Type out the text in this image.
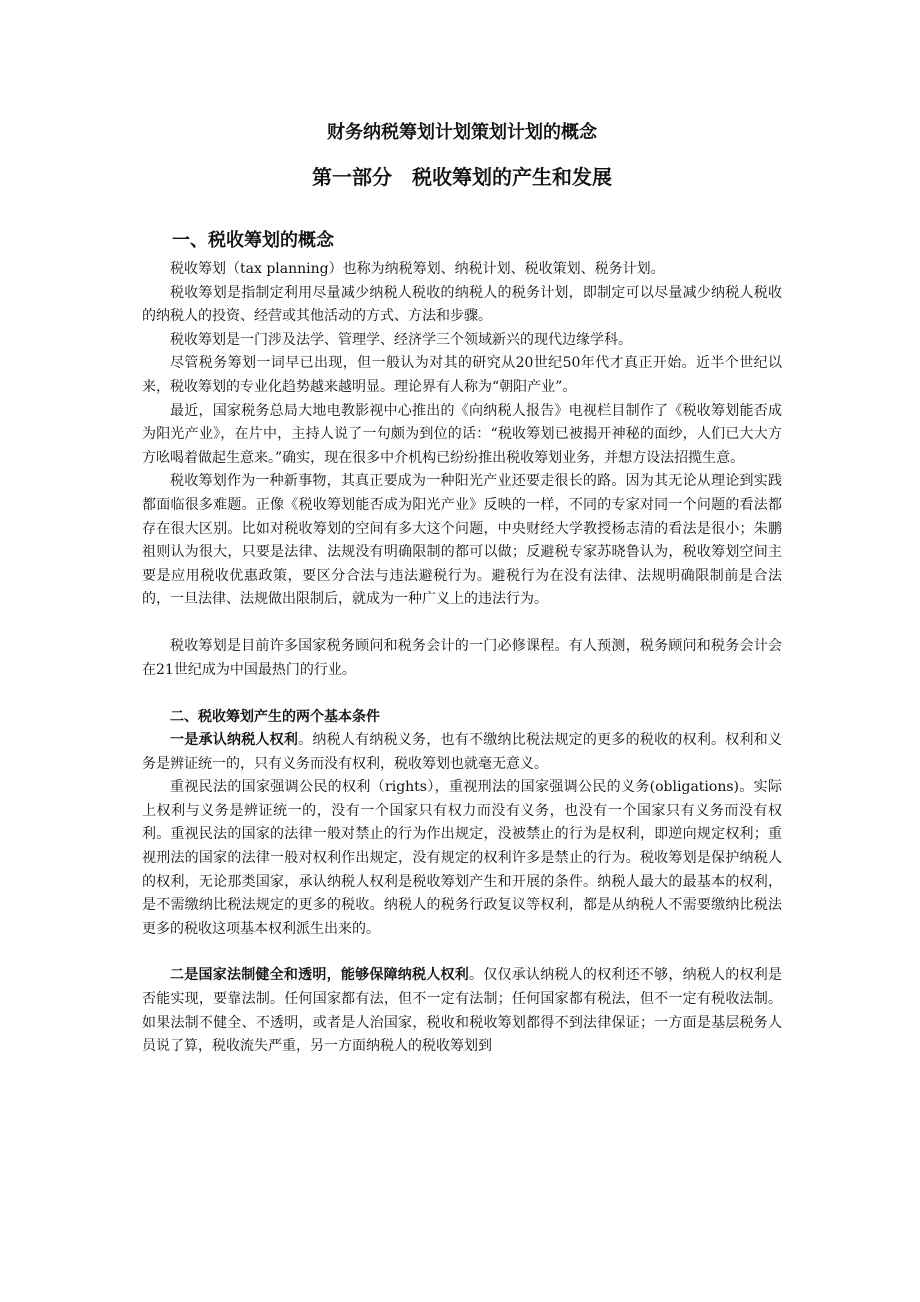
财务纳税筹划计划策划计划的概念
第一部分　税收筹划的产生和发展
一、税收筹划的概念

税收筹划（tax planning）也称为纳税筹划、纳税计划、税收策划、税务计划。

税收筹划是指制定利用尽量减少纳税人税收的纳税人的税务计划，即制定可以尽量减少纳税人税收的纳税人的投资、经营或其他活动的方式、方法和步骤。

税收筹划是一门涉及法学、管理学、经济学三个领域新兴的现代边缘学科。

尽管税务筹划一词早已出现，但一般认为对其的研究从20世纪50年代才真正开始。近半个世纪以来，税收筹划的专业化趋势越来越明显。理论界有人称为“朝阳产业”。

最近，国家税务总局大地电教影视中心推出的《向纳税人报告》电视栏目制作了《税收筹划能否成为阳光产业》，在片中，主持人说了一句颇为到位的话：“税收筹划已被揭开神秘的面纱，人们已大大方方吆喝着做起生意来。”确实，现在很多中介机构已纷纷推出税收筹划业务，并想方设法招揽生意。

税收筹划作为一种新事物，其真正要成为一种阳光产业还要走很长的路。因为其无论从理论到实践都面临很多难题。正像《税收筹划能否成为阳光产业》反映的一样，不同的专家对同一个问题的看法都存在很大区别。比如对税收筹划的空间有多大这个问题，中央财经大学教授杨志清的看法是很小；朱鹏祖则认为很大，只要是法律、法规没有明确限制的都可以做；反避税专家苏晓鲁认为，税收筹划空间主要是应用税收优惠政策，要区分合法与违法避税行为。避税行为在没有法律、法规明确限制前是合法的，一旦法律、法规做出限制后，就成为一种广义上的违法行为。

税收筹划是目前许多国家税务顾问和税务会计的一门必修课程。有人预测，税务顾问和税务会计会在21世纪成为中国最热门的行业。

二、税收筹划产生的两个基本条件

一是承认纳税人权利。纳税人有纳税义务，也有不缴纳比税法规定的更多的税收的权利。权利和义务是辨证统一的，只有义务而没有权利，税收筹划也就毫无意义。

重视民法的国家强调公民的权利（rights），重视刑法的国家强调公民的义务(obligations)。实际上权利与义务是辨证统一的，没有一个国家只有权力而没有义务，也没有一个国家只有义务而没有权利。重视民法的国家的法律一般对禁止的行为作出规定，没被禁止的行为是权利，即逆向规定权利；重视刑法的国家的法律一般对权利作出规定，没有规定的权利许多是禁止的行为。税收筹划是保护纳税人的权利，无论那类国家，承认纳税人权利是税收筹划产生和开展的条件。纳税人最大的最基本的权利，是不需缴纳比税法规定的更多的税收。纳税人的税务行政复议等权利，都是从纳税人不需要缴纳比税法更多的税收这项基本权利派生出来的。

二是国家法制健全和透明，能够保障纳税人权利。仅仅承认纳税人的权利还不够，纳税人的权利是否能实现，要靠法制。任何国家都有法，但不一定有法制；任何国家都有税法，但不一定有税收法制。如果法制不健全、不透明，或者是人治国家，税收和税收筹划都得不到法律保证；一方面是基层税务人员说了算，税收流失严重，另一方面纳税人的税收筹划到
